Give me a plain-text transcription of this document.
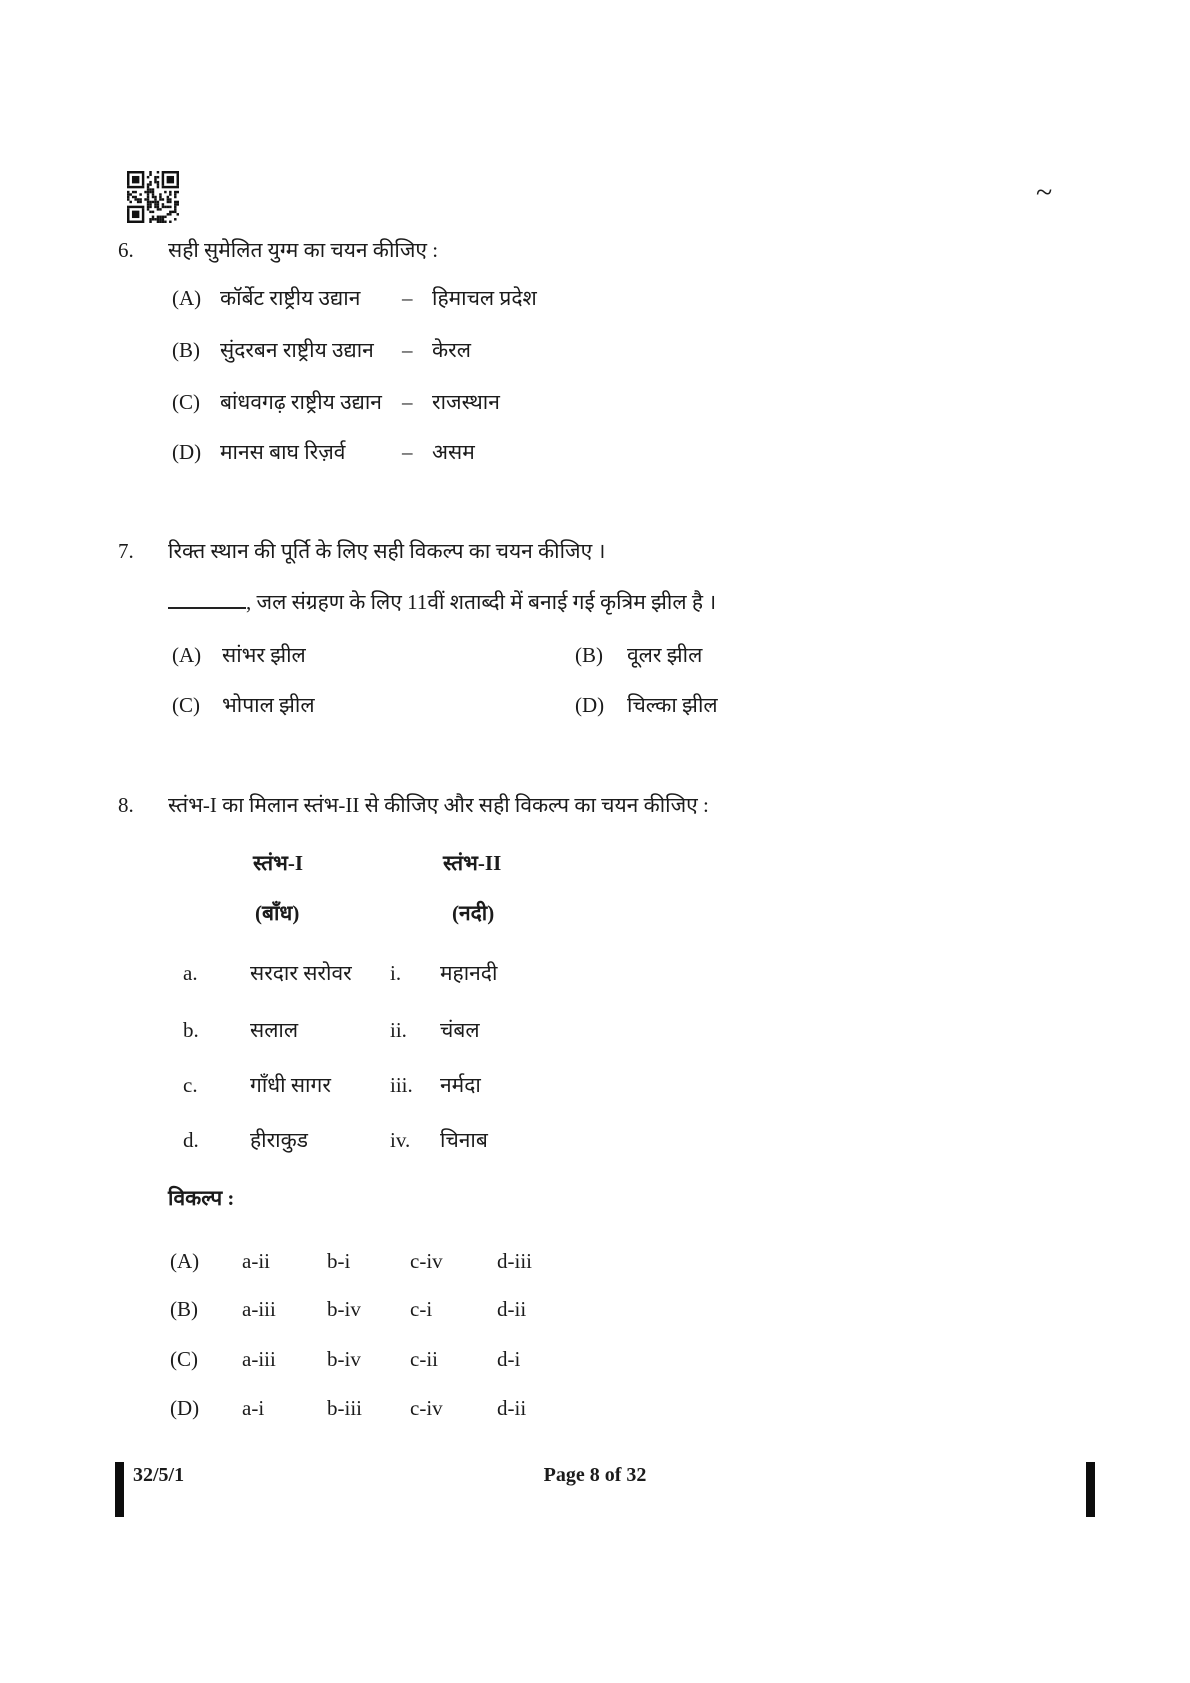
~
6. सही सुमेलित युग्म का चयन कीजिए :
(A) कॉर्बेट राष्ट्रीय उद्यान – हिमाचल प्रदेश
(B) सुंदरबन राष्ट्रीय उद्यान – केरल
(C) बांधवगढ़ राष्ट्रीय उद्यान – राजस्थान
(D) मानस बाघ रिज़र्व	– असम
7. रिक्त स्थान की पूर्ति के लिए सही विकल्प का चयन कीजिए ।
, जल संग्रहण के लिए 11वीं शताब्दी में बनाई गई कृत्रिम झील है ।
(A) सांभर झील	(B) वूलर झील
(C) भोपाल झील	(D) चिल्का झील
8. स्तंभ-I का मिलान स्तंभ-II से कीजिए और सही विकल्प का चयन कीजिए :
स्तंभ-I	स्तंभ-II
(बाँध)	(नदी)
a. सरदार सरोवर i. महानदी
b. सलाल	ii. चंबल
c. गाँधी सागर	iii. नर्मदा
d. हीराकुड	iv. चिनाब
विकल्प :
(A) a-ii	b-i	c-iv	d-iii
(B) a-iii b-iv c-i	d-ii
(C) a-iii b-iv c-ii	d-i
(D) a-i	b-iii c-iv	d-ii
32/5/1	Page 8 of 32
